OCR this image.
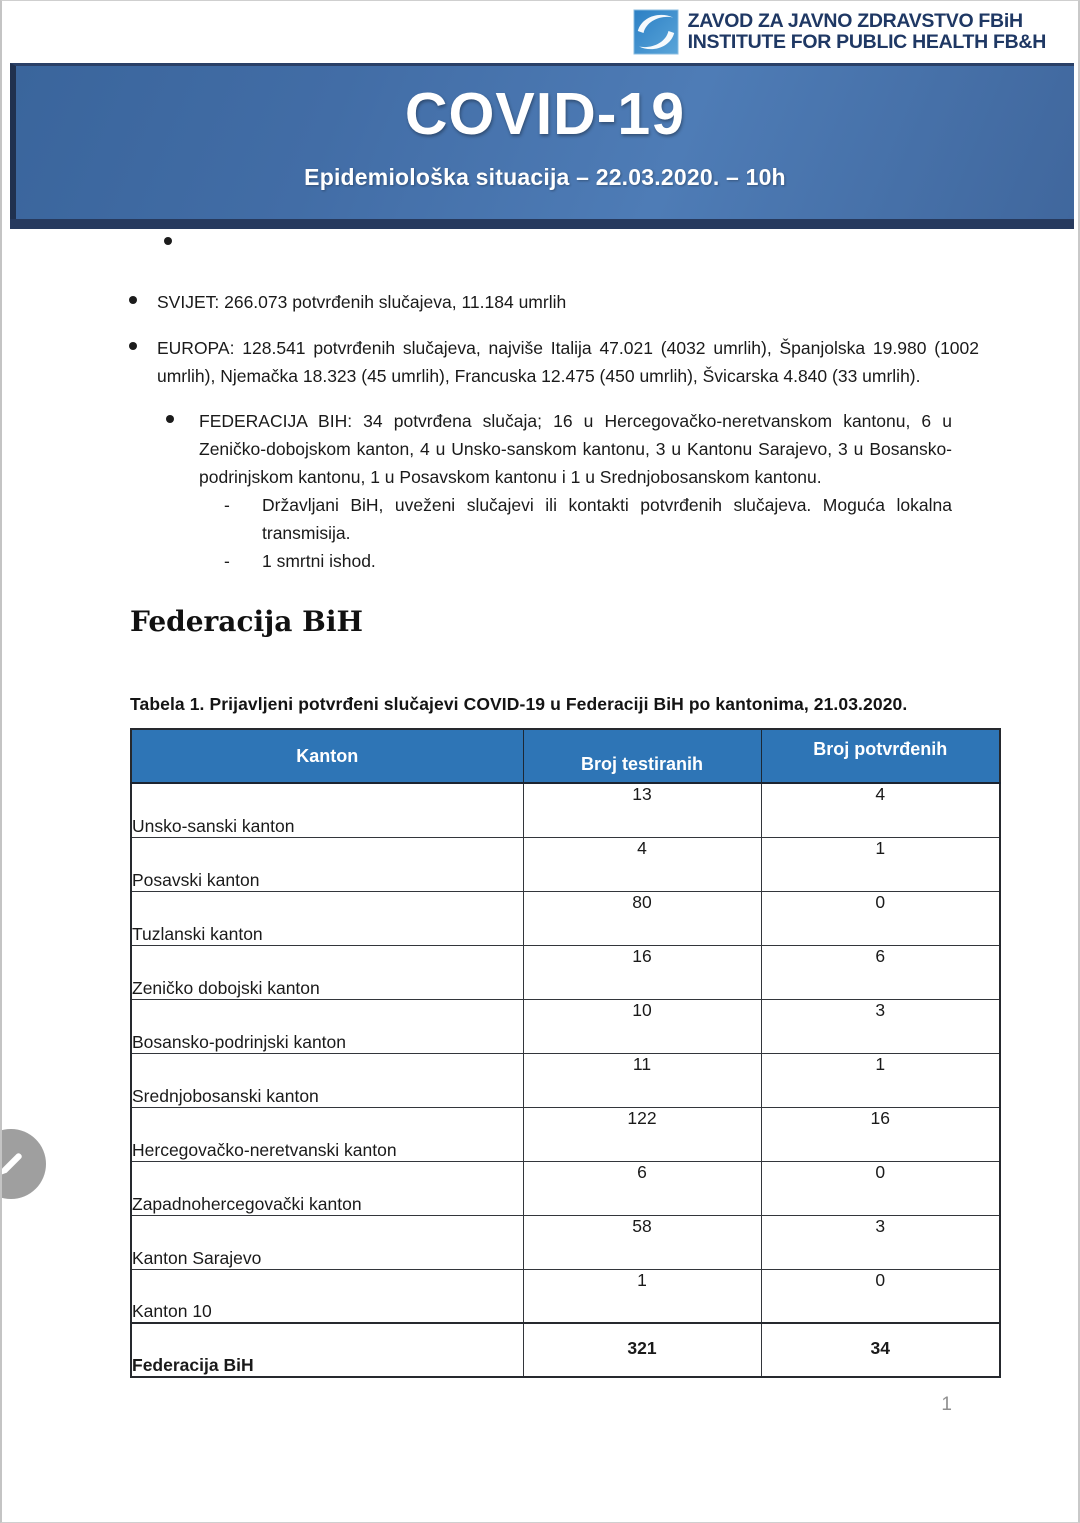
ZAVOD ZA JAVNO ZDRAVSTVO FBiH
INSTITUTE FOR PUBLIC HEALTH FB&H
COVID-19
Epidemiološka situacija – 22.03.2020. – 10h
SVIJET: 266.073 potvrđenih slučajeva, 11.184 umrlih
EUROPA: 128.541 potvrđenih slučajeva, najviše Italija 47.021 (4032 umrlih), Španjolska 19.980 (1002 umrlih), Njemačka 18.323 (45 umrlih), Francuska 12.475 (450 umrlih), Švicarska 4.840 (33 umrlih).
FEDERACIJA BIH: 34 potvrđena slučaja; 16 u Hercegovačko-neretvanskom kantonu, 6 u Zeničko-dobojskom kanton, 4 u Unsko-sanskom kantonu, 3 u Kantonu Sarajevo, 3 u Bosansko-podrinjskom kantonu, 1 u Posavskom kantonu i 1 u Srednjobosanskom kantonu.
-	Državljani BiH, uveženi slučajevi ili kontakti potvrđenih slučajeva. Moguća lokalna transmisija.
-	1 smrtni ishod.
Federacija BiH
Tabela 1. Prijavljeni potvrđeni slučajevi COVID-19 u Federaciji BiH po kantonima, 21.03.2020.
Kanton	Broj testiranih	Broj potvrđenih
Unsko-sanski kanton	13	4
Posavski kanton	4	1
Tuzlanski kanton	80	0
Zeničko dobojski kanton	16	6
Bosansko-podrinjski kanton	10	3
Srednjobosanski kanton	11	1
Hercegovačko-neretvanski kanton	122	16
Zapadnohercegovački kanton	6	0
Kanton Sarajevo	58	3
Kanton 10	1	0
Federacija BiH	321	34
1
